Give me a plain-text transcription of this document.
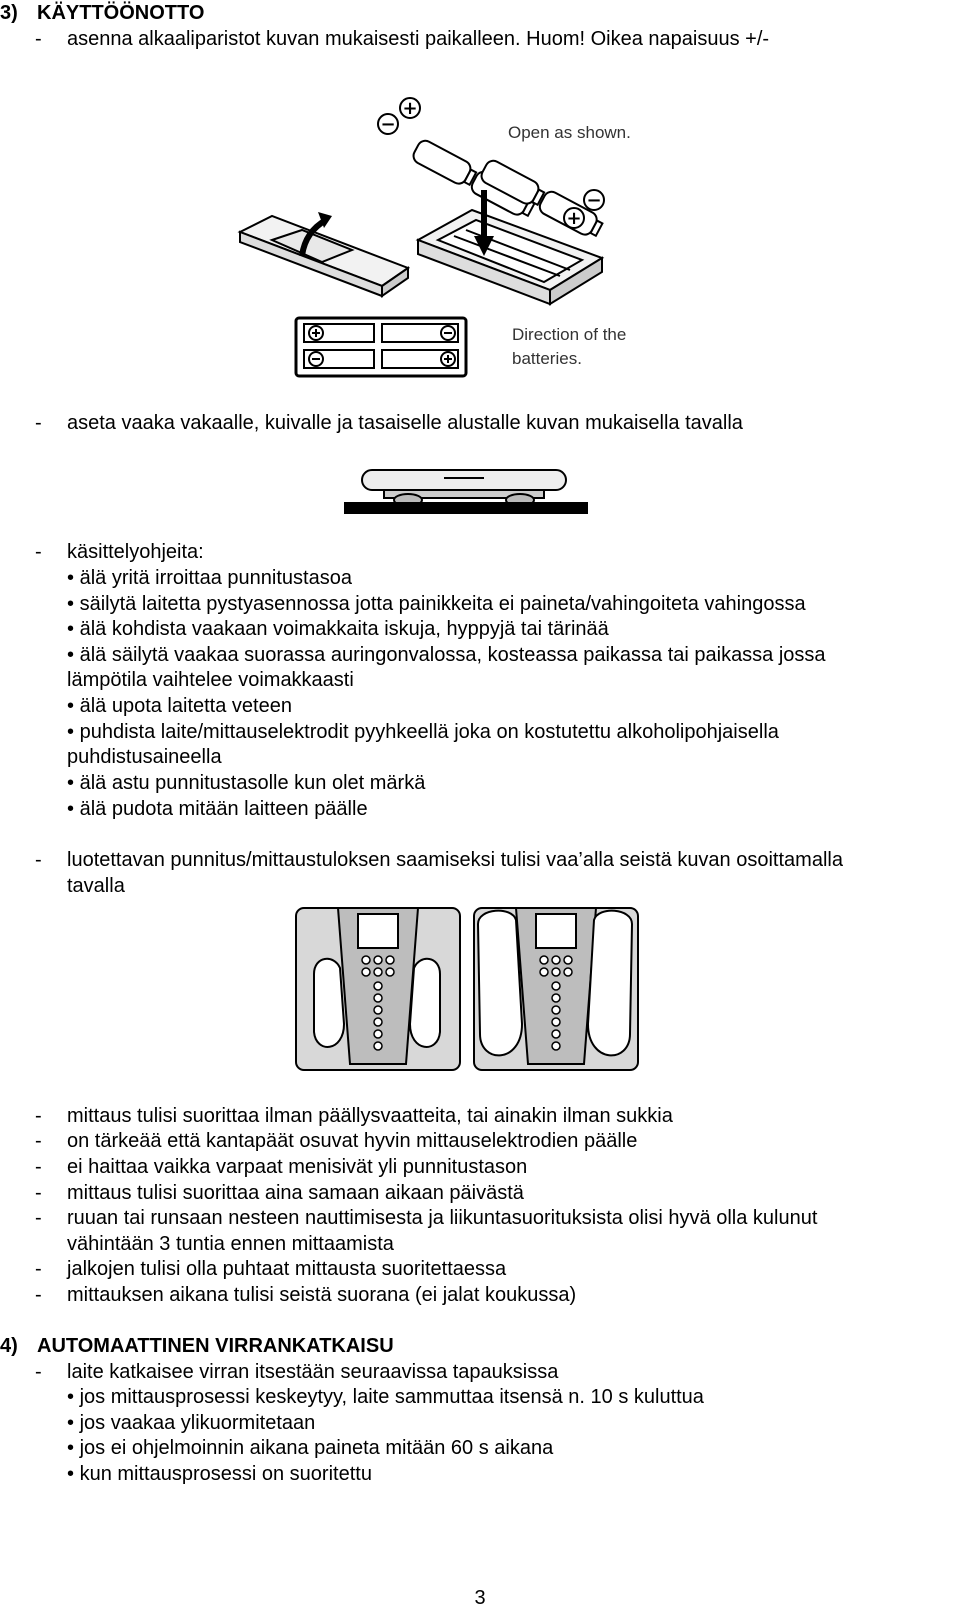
3) KÄYTTÖÖNOTTO
- asenna alkaaliparistot kuvan mukaisesti paikalleen. Huom! Oikea napaisuus +/-
+
−
+
−
Open as shown.
Direction of the
batteries.
- aseta vaaka vakaalle, kuivalle ja tasaiselle alustalle kuvan mukaisella tavalla
- käsittelyohjeita:
• älä yritä irroittaa punnitustasoa
• säilytä laitetta pystyasennossa jotta painikkeita ei paineta/vahingoiteta vahingossa
• älä kohdista vaakaan voimakkaita iskuja, hyppyjä tai tärinää
• älä säilytä vaakaa suorassa auringonvalossa, kosteassa paikassa tai paikassa jossa
lämpötila vaihtelee voimakkaasti
• älä upota laitetta veteen
• puhdista laite/mittauselektrodit pyyhkeellä joka on kostutettu alkoholipohjaisella
puhdistusaineella
• älä astu punnitustasolle kun olet märkä
• älä pudota mitään laitteen päälle
- luotettavan punnitus/mittaustuloksen saamiseksi tulisi vaa’alla seistä kuvan osoittamalla
tavalla
- mittaus tulisi suorittaa ilman päällysvaatteita, tai ainakin ilman sukkia
- on tärkeää että kantapäät osuvat hyvin mittauselektrodien päälle
- ei haittaa vaikka varpaat menisivät yli punnitustason
- mittaus tulisi suorittaa aina samaan aikaan päivästä
- ruuan tai runsaan nesteen nauttimisesta ja liikuntasuorituksista olisi hyvä olla kulunut
vähintään 3 tuntia ennen mittaamista
- jalkojen tulisi olla puhtaat mittausta suoritettaessa
- mittauksen aikana tulisi seistä suorana (ei jalat koukussa)
4) AUTOMAATTINEN VIRRANKATKAISU
- laite katkaisee virran itsestään seuraavissa tapauksissa
• jos mittausprosessi keskeytyy, laite sammuttaa itsensä n. 10 s kuluttua
• jos vaakaa ylikuormitetaan
• jos ei ohjelmoinnin aikana paineta mitään 60 s aikana
• kun mittausprosessi on suoritettu
3
